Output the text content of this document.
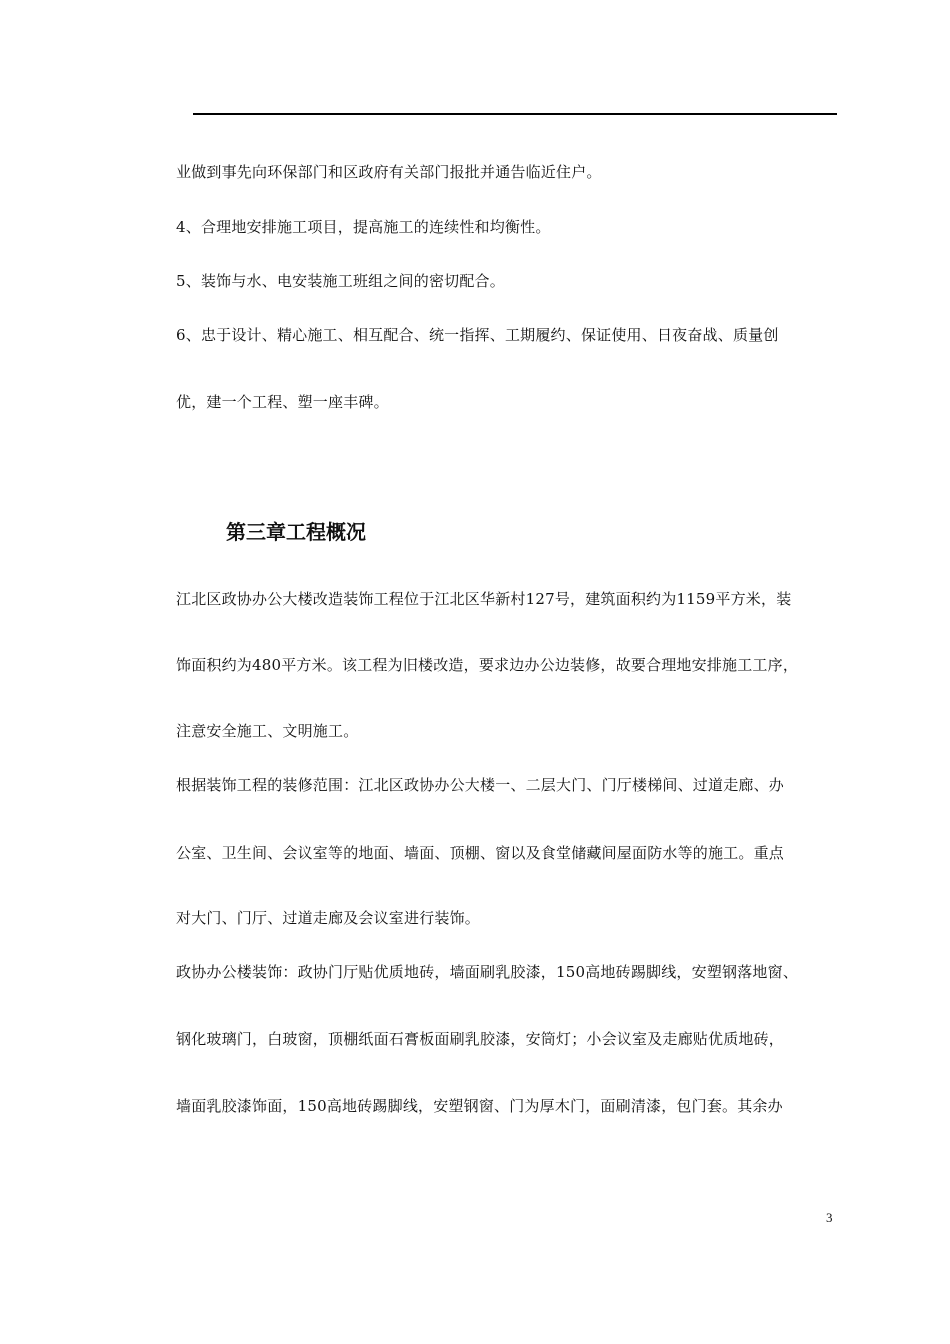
业做到事先向环保部门和区政府有关部门报批并通告临近住户。
4、合理地安排施工项目，提高施工的连续性和均衡性。
5、装饰与水、电安装施工班组之间的密切配合。
6、忠于设计、精心施工、相互配合、统一指挥、工期履约、保证使用、日夜奋战、质量创
优，建一个工程、塑一座丰碑。
第三章工程概况
江北区政协办公大楼改造装饰工程位于江北区华新村127号，建筑面积约为1159平方米，装
饰面积约为480平方米。该工程为旧楼改造，要求边办公边装修，故要合理地安排施工工序，
注意安全施工、文明施工。
根据装饰工程的装修范围：江北区政协办公大楼一、二层大门、门厅楼梯间、过道走廊、办
公室、卫生间、会议室等的地面、墙面、顶棚、窗以及食堂储藏间屋面防水等的施工。重点
对大门、门厅、过道走廊及会议室进行装饰。
政协办公楼装饰：政协门厅贴优质地砖，墙面刷乳胶漆，150高地砖踢脚线，安塑钢落地窗、
钢化玻璃门，白玻窗，顶棚纸面石膏板面刷乳胶漆，安筒灯；小会议室及走廊贴优质地砖，
墙面乳胶漆饰面，150高地砖踢脚线，安塑钢窗、门为厚木门，面刷清漆，包门套。其余办
3
